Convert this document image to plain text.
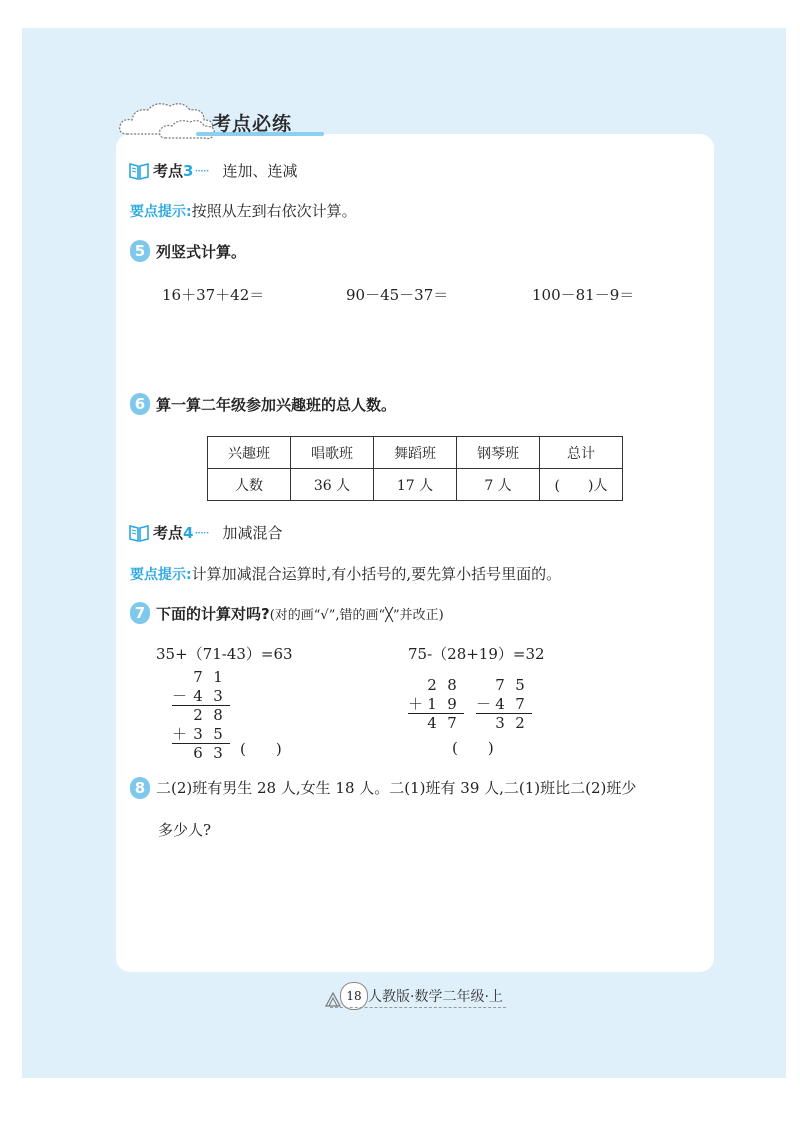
考点必练
考点 3 ····· 连加、连减
要点提示:按照从左到右依次计算。
5 列竖式计算。
16＋37＋42＝	90－45－37＝	100－81－9＝
6 算一算二年级参加兴趣班的总人数。
兴趣班	唱歌班	舞蹈班	钢琴班	总计
人数	36 人	17 人	7 人	(　　)人
考点 4 ····· 加减混合
要点提示:计算加减混合运算时,有小括号的,要先算小括号里面的。
7 下面的计算对吗? (对的画“√”,错的画“╳”并改正)
35+（71-43）=63
7 1
－ 4 3
2 8
＋ 3 5
6 3	(　　)
75-（28+19）=32
2 8
＋ 1 9
4 7
7 5
－ 4 7
3 2
(　　)
8 二(2)班有男生 28 人,女生 18 人。二(1)班有 39 人,二(1)班比二(2)班少
多少人?
18 人教版·数学二年级·上
